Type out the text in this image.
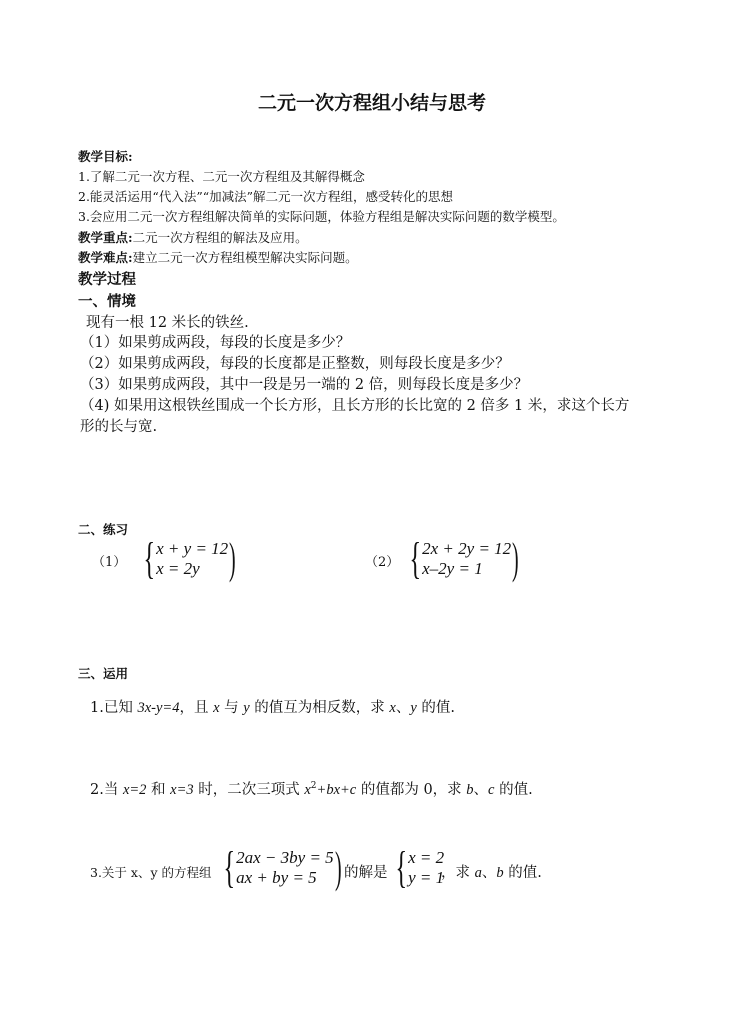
二元一次方程组小结与思考
教学目标:
1.了解二元一次方程、二元一次方程组及其解得概念
2.能灵活运用“代入法”“加减法”解二元一次方程组，感受转化的思想
3.会应用二元一次方程组解决简单的实际问题，体验方程组是解决实际问题的数学模型。
教学重点:二元一次方程组的解法及应用。
教学难点:建立二元一次方程组模型解决实际问题。
教学过程
一、情境
现有一根 12 米长的铁丝.
（1）如果剪成两段，每段的长度是多少？
（2）如果剪成两段，每段的长度都是正整数，则每段长度是多少？
（3）如果剪成两段，其中一段是另一端的 2 倍，则每段长度是多少？
（4) 如果用这根铁丝围成一个长方形，且长方形的长比宽的 2 倍多 1 米，求这个长方
形的长与宽.
二、练习
（1） { x + y = 12
x = 2y )	（2） { 2x + 2y = 12
x–2y = 1 )
三、运用
1.已知 3x-y=4，且 x 与 y 的值互为相反数，求 x、y 的值.
2.当 x=2 和 x=3 时，二次三项式 $x^2+bx+c$ 的值都为 0，求 b、c 的值.
3.关于 x、y 的方程组 { 2ax − 3by = 5
ax + by = 5 ) 的解是 { x = 2
y = 1
，求 a、b 的值.
